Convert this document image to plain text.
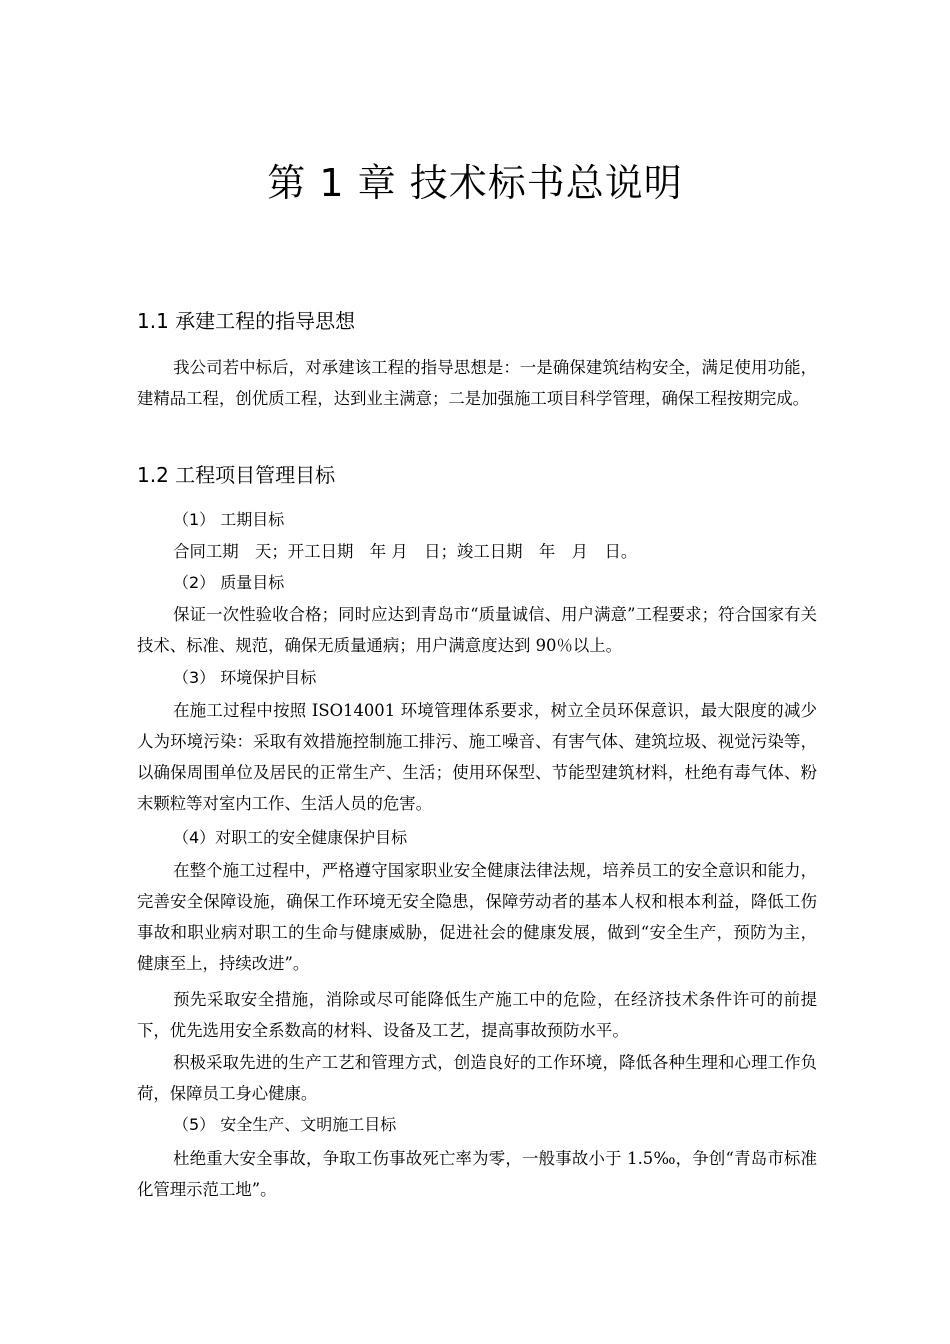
第 1 章 技术标书总说明
1.1 承建工程的指导思想

我公司若中标后，对承建该工程的指导思想是：一是确保建筑结构安全，满足使用功能，建精品工程，创优质工程，达到业主满意；二是加强施工项目科学管理，确保工程按期完成。

1.2 工程项目管理目标
（1） 工期目标

合同工期　天；开工日期　年 月　日；竣工日期　年　月　日。

（2） 质量目标

保证一次性验收合格；同时应达到青岛市“质量诚信、用户满意”工程要求；符合国家有关技术、标准、规范，确保无质量通病；用户满意度达到 90％以上。

（3） 环境保护目标

在施工过程中按照 ISO14001 环境管理体系要求，树立全员环保意识，最大限度的减少人为环境污染：采取有效措施控制施工排污、施工噪音、有害气体、建筑垃圾、视觉污染等，以确保周围单位及居民的正常生产、生活；使用环保型、节能型建筑材料，杜绝有毒气体、粉末颗粒等对室内工作、生活人员的危害。

（4）对职工的安全健康保护目标

在整个施工过程中，严格遵守国家职业安全健康法律法规，培养员工的安全意识和能力，完善安全保障设施，确保工作环境无安全隐患，保障劳动者的基本人权和根本利益，降低工伤事故和职业病对职工的生命与健康威胁，促进社会的健康发展，做到“安全生产，预防为主，健康至上，持续改进”。

预先采取安全措施，消除或尽可能降低生产施工中的危险，在经济技术条件许可的前提下，优先选用安全系数高的材料、设备及工艺，提高事故预防水平。

积极采取先进的生产工艺和管理方式，创造良好的工作环境，降低各种生理和心理工作负荷，保障员工身心健康。

（5） 安全生产、文明施工目标

杜绝重大安全事故，争取工伤事故死亡率为零，一般事故小于 1.5‰，争创“青岛市标准化管理示范工地”。
